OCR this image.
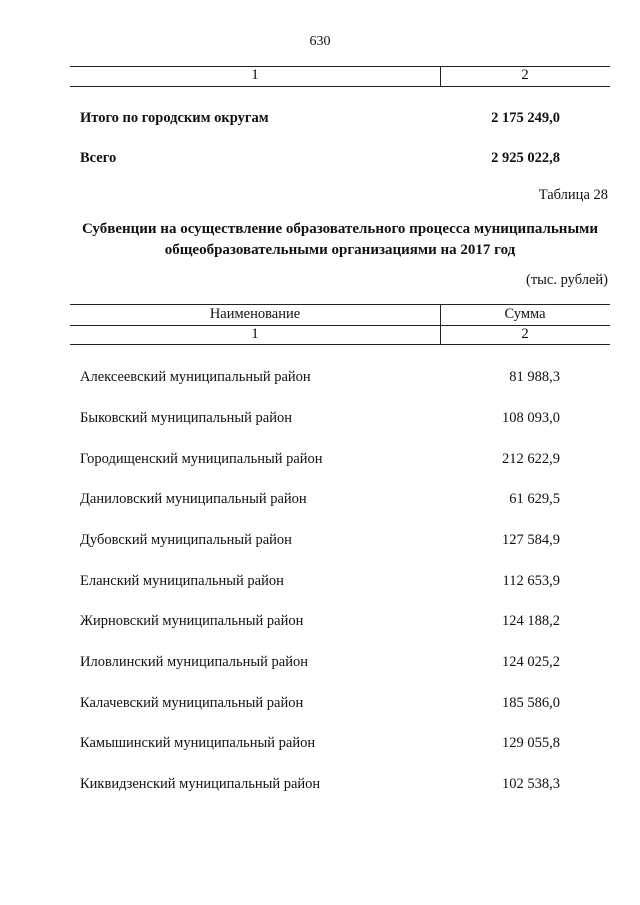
630
1	2
Итого по городским округам	2 175 249,0
Всего	2 925 022,8
Таблица 28
Субвенции на осуществление образовательного процесса муниципальными
общеобразовательными организациями на 2017 год
(тыс. рублей)
Наименование	Сумма
1	2
Алексеевский муниципальный район	81 988,3
Быковский муниципальный район	108 093,0
Городищенский муниципальный район	212 622,9
Даниловский муниципальный район	61 629,5
Дубовский муниципальный район	127 584,9
Еланский муниципальный район	112 653,9
Жирновский муниципальный район	124 188,2
Иловлинский муниципальный район	124 025,2
Калачевский муниципальный район	185 586,0
Камышинский муниципальный район	129 055,8
Киквидзенский муниципальный район	102 538,3
